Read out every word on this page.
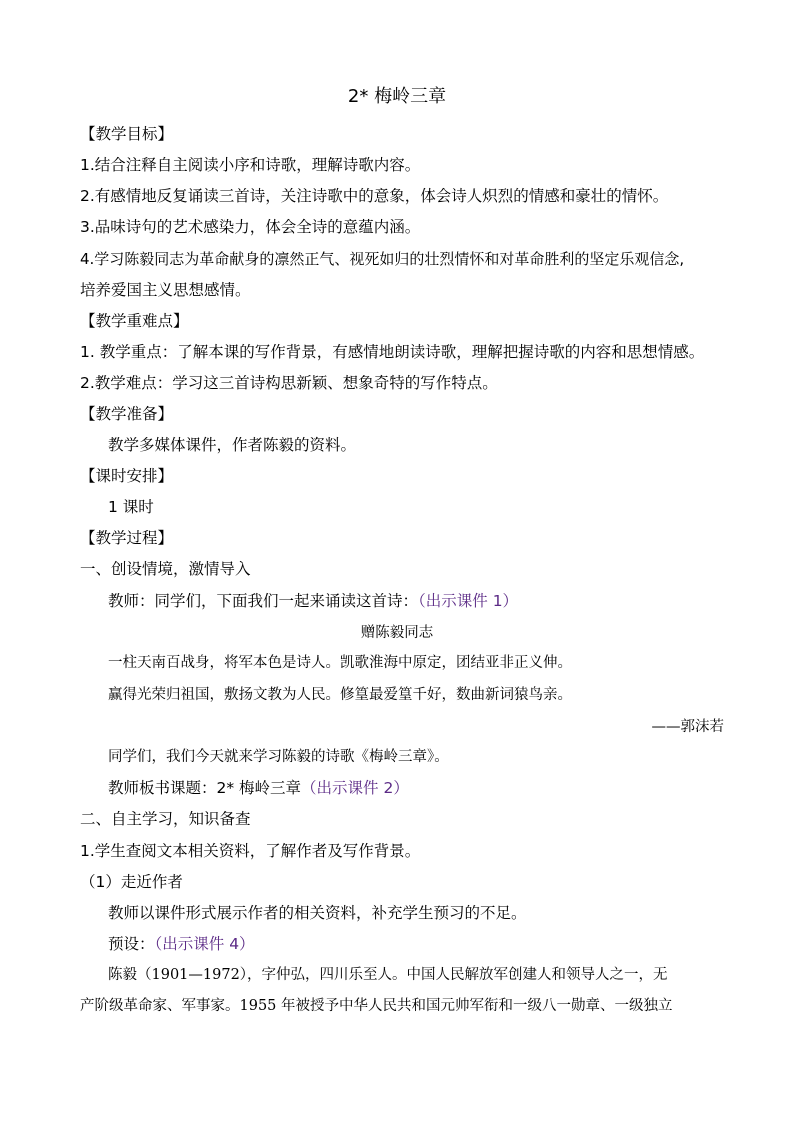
2* 梅岭三章
【教学目标】
1.结合注释自主阅读小序和诗歌，理解诗歌内容。
2.有感情地反复诵读三首诗，关注诗歌中的意象，体会诗人炽烈的情感和豪壮的情怀。
3.品味诗句的艺术感染力，体会全诗的意蕴内涵。
4.学习陈毅同志为革命献身的凛然正气、视死如归的壮烈情怀和对革命胜利的坚定乐观信念,
培养爱国主义思想感情。
【教学重难点】
1. 教学重点：了解本课的写作背景，有感情地朗读诗歌，理解把握诗歌的内容和思想情感。
2.教学难点：学习这三首诗构思新颖、想象奇特的写作特点。
【教学准备】
教学多媒体课件，作者陈毅的资料。
【课时安排】
1 课时
【教学过程】
一、创设情境，激情导入
教师：同学们，下面我们一起来诵读这首诗：（出示课件 1）
赠陈毅同志
一柱天南百战身，将军本色是诗人。凯歌淮海中原定，团结亚非正义伸。
赢得光荣归祖国，敷扬文教为人民。修篁最爱篁千好，数曲新词猿鸟亲。
——郭沫若
同学们，我们今天就来学习陈毅的诗歌《梅岭三章》。
教师板书课题：2* 梅岭三章（出示课件 2）
二、自主学习，知识备查
1.学生查阅文本相关资料，了解作者及写作背景。
（1）走近作者
教师以课件形式展示作者的相关资料，补充学生预习的不足。
预设：（出示课件 4）
陈毅（1901—1972），字仲弘，四川乐至人。中国人民解放军创建人和领导人之一，无
产阶级革命家、军事家。1955 年被授予中华人民共和国元帅军衔和一级八一勋章、一级独立
